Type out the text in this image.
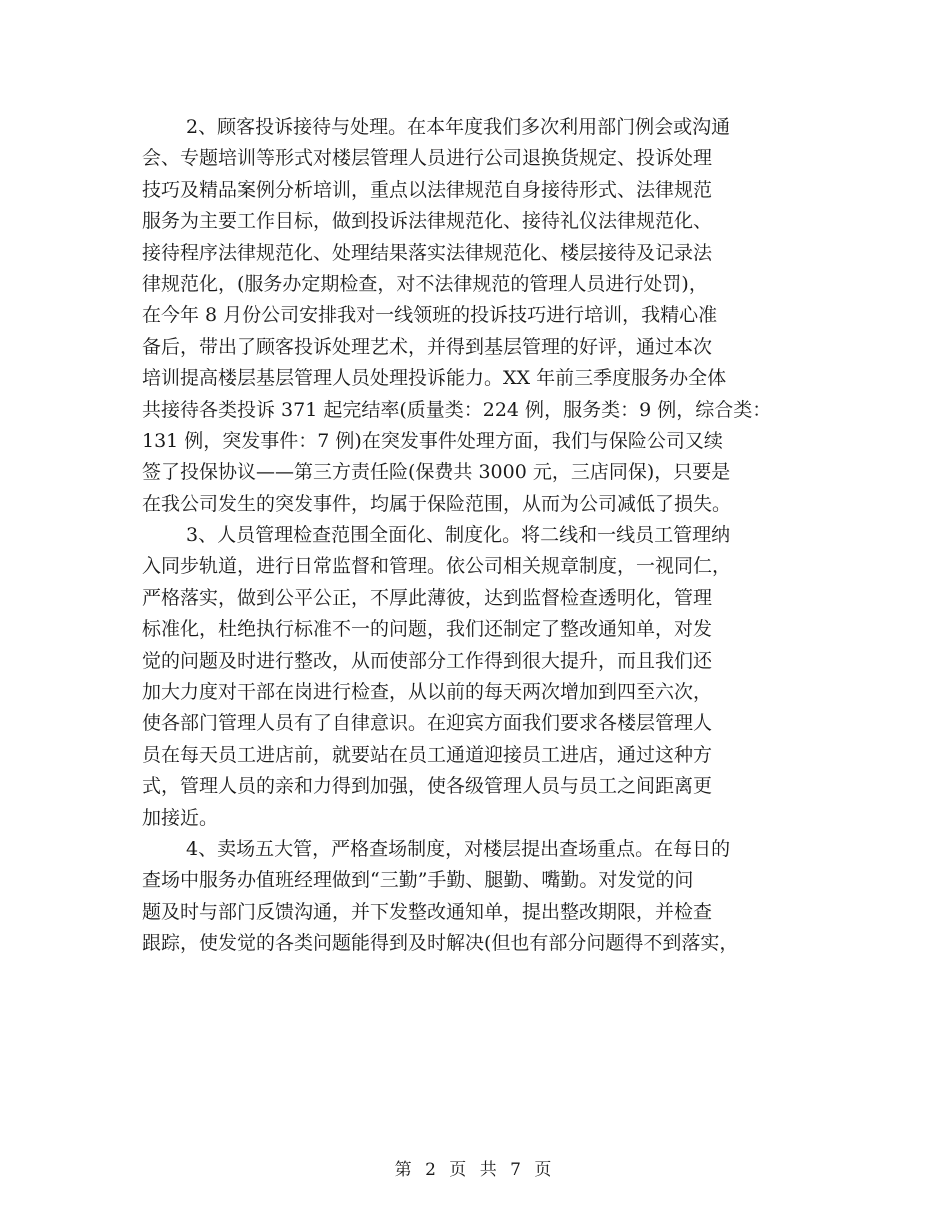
2、顾客投诉接待与处理。在本年度我们多次利用部门例会或沟通
会、专题培训等形式对楼层管理人员进行公司退换货规定、投诉处理
技巧及精品案例分析培训，重点以法律规范自身接待形式、法律规范
服务为主要工作目标，做到投诉法律规范化、接待礼仪法律规范化、
接待程序法律规范化、处理结果落实法律规范化、楼层接待及记录法
律规范化，(服务办定期检查，对不法律规范的管理人员进行处罚)，
在今年 8 月份公司安排我对一线领班的投诉技巧进行培训，我精心准
备后，带出了顾客投诉处理艺术，并得到基层管理的好评，通过本次
培训提高楼层基层管理人员处理投诉能力。XX 年前三季度服务办全体
共接待各类投诉 371 起完结率(质量类：224 例，服务类：9 例，综合类：
131 例，突发事件：7 例)在突发事件处理方面，我们与保险公司又续
签了投保协议——第三方责任险(保费共 3000 元，三店同保)，只要是
在我公司发生的突发事件，均属于保险范围，从而为公司减低了损失。
3、人员管理检查范围全面化、制度化。将二线和一线员工管理纳
入同步轨道，进行日常监督和管理。依公司相关规章制度，一视同仁，
严格落实，做到公平公正，不厚此薄彼，达到监督检查透明化，管理
标准化，杜绝执行标准不一的问题，我们还制定了整改通知单，对发
觉的问题及时进行整改，从而使部分工作得到很大提升，而且我们还
加大力度对干部在岗进行检查，从以前的每天两次增加到四至六次，
使各部门管理人员有了自律意识。在迎宾方面我们要求各楼层管理人
员在每天员工进店前，就要站在员工通道迎接员工进店，通过这种方
式，管理人员的亲和力得到加强，使各级管理人员与员工之间距离更
加接近。
4、卖场五大管，严格查场制度，对楼层提出查场重点。在每日的
查场中服务办值班经理做到“三勤”手勤、腿勤、嘴勤。对发觉的问
题及时与部门反馈沟通，并下发整改通知单，提出整改期限，并检查
跟踪，使发觉的各类问题能得到及时解决(但也有部分问题得不到落实，
第 2 页 共 7 页
